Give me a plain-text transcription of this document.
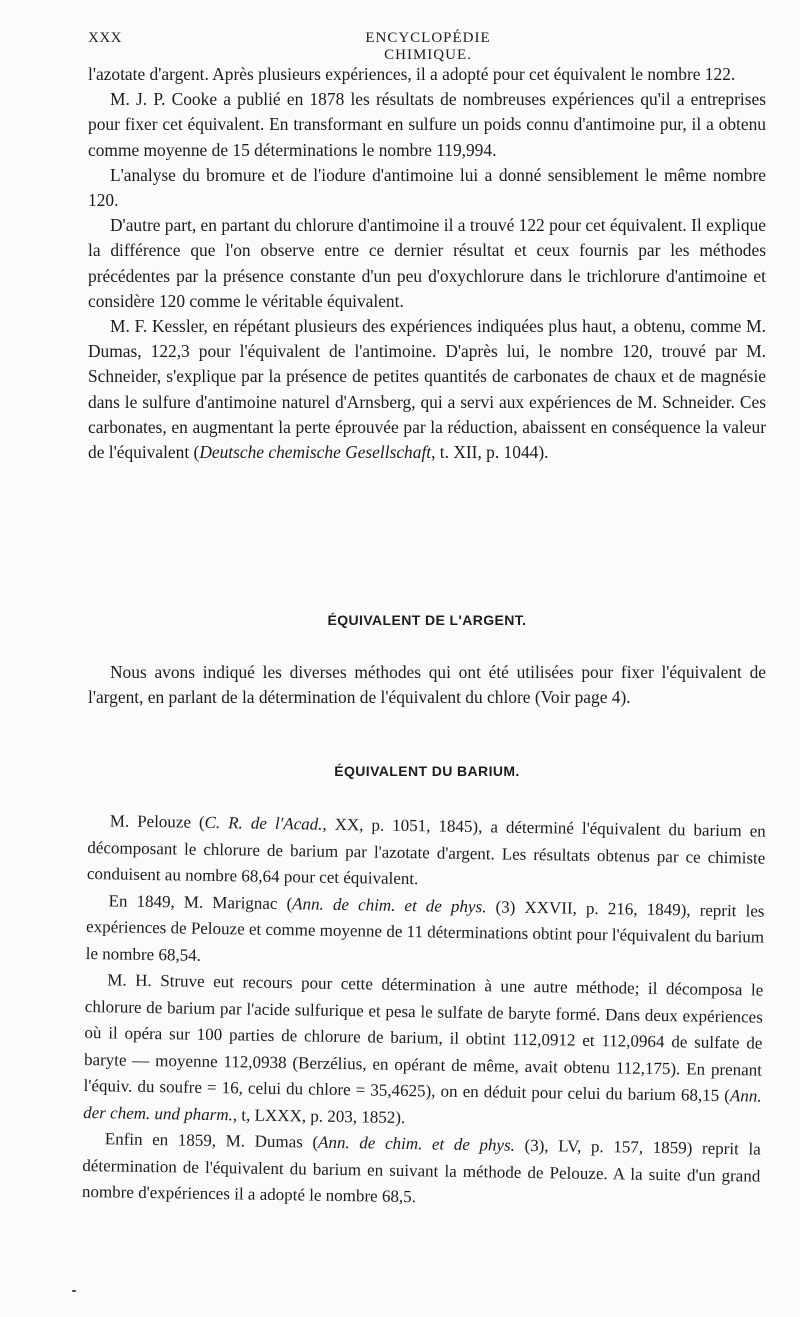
XXX	ENCYCLOPÉDIE CHIMIQUE.

l'azotate d'argent. Après plusieurs expériences, il a adopté pour cet équivalent le nombre 122.

M. J. P. Cooke a publié en 1878 les résultats de nombreuses expériences qu'il a entreprises pour fixer cet équivalent. En transformant en sulfure un poids connu d'antimoine pur, il a obtenu comme moyenne de 15 déterminations le nombre 119,994.

L'analyse du bromure et de l'iodure d'antimoine lui a donné sensiblement le même nombre 120.

D'autre part, en partant du chlorure d'antimoine il a trouvé 122 pour cet équivalent. Il explique la différence que l'on observe entre ce dernier résultat et ceux fournis par les méthodes précédentes par la présence constante d'un peu d'oxychlorure dans le trichlorure d'antimoine et considère 120 comme le véritable équivalent.

M. F. Kessler, en répétant plusieurs des expériences indiquées plus haut, a obtenu, comme M. Dumas, 122,3 pour l'équivalent de l'antimoine. D'après lui, le nombre 120, trouvé par M. Schneider, s'explique par la présence de petites quantités de carbonates de chaux et de magnésie dans le sulfure d'antimoine naturel d'Arnsberg, qui a servi aux expériences de M. Schneider. Ces carbonates, en augmentant la perte éprouvée par la réduction, abaissent en conséquence la valeur de l'équivalent (Deutsche chemische Gesellschaft, t. XII, p. 1044).

ÉQUIVALENT DE L'ARGENT.

Nous avons indiqué les diverses méthodes qui ont été utilisées pour fixer l'équivalent de l'argent, en parlant de la détermination de l'équivalent du chlore (Voir page 4).

ÉQUIVALENT DU BARIUM.

M. Pelouze (C. R. de l'Acad., XX, p. 1051, 1845), a déterminé l'équivalent du barium en décomposant le chlorure de barium par l'azotate d'argent. Les résultats obtenus par ce chimiste conduisent au nombre 68,64 pour cet équivalent.

En 1849, M. Marignac (Ann. de chim. et de phys. (3) XXVII, p. 216, 1849), reprit les expériences de Pelouze et comme moyenne de 11 déterminations obtint pour l'équivalent du barium le nombre 68,54.

M. H. Struve eut recours pour cette détermination à une autre méthode; il décomposa le chlorure de barium par l'acide sulfurique et pesa le sulfate de baryte formé. Dans deux expériences où il opéra sur 100 parties de chlorure de barium, il obtint 112,0912 et 112,0964 de sulfate de baryte — moyenne 112,0938 (Berzélius, en opérant de même, avait obtenu 112,175). En prenant l'équiv. du soufre = 16, celui du chlore = 35,4625), on en déduit pour celui du barium 68,15 (Ann. der chem. und pharm., t, LXXX, p. 203, 1852).

Enfin en 1859, M. Dumas (Ann. de chim. et de phys. (3), LV, p. 157, 1859) reprit la détermination de l'équivalent du barium en suivant la méthode de Pelouze. A la suite d'un grand nombre d'expériences il a adopté le nombre 68,5.
